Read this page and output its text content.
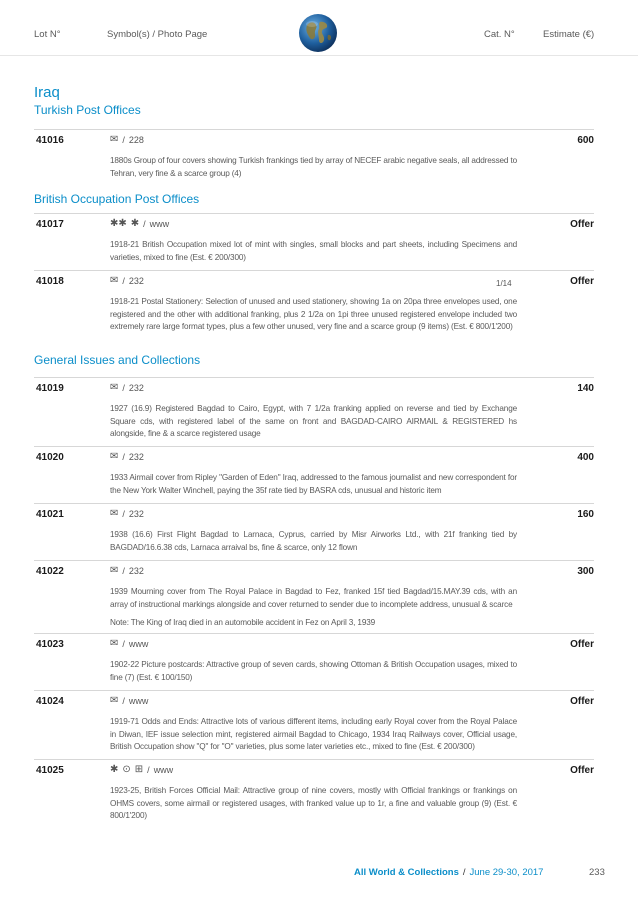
Lot N°	Symbol(s) / Photo Page	Cat. N°	Estimate (€)
Iraq
Turkish Post Offices
41016	✉ / 228	600
1880s Group of four covers showing Turkish frankings tied by array of NECEF arabic negative seals, all addressed to Tehran, very fine & a scarce group (4)
British Occupation Post Offices
41017	✱✱ ✱ / www	Offer
1918-21 British Occupation mixed lot of mint with singles, small blocks and part sheets, including Specimens and varieties, mixed to fine (Est. € 200/300)
41018	✉ / 232	1/14	Offer
1918-21 Postal Stationery: Selection of unused and used stationery, showing 1a on 20pa three envelopes used, one registered and the other with additional franking, plus 2 1/2a on 1pi three unused registered envelope included two extremely rare large format types, plus a few other unused, very fine and a scarce group (9 items) (Est. € 800/1'200)
General Issues and Collections
41019	✉ / 232	140
1927 (16.9) Registered Bagdad to Cairo, Egypt, with 7 1/2a franking applied on reverse and tied by Exchange Square cds, with registered label of the same on front and BAGDAD-CAIRO AIRMAIL & REGISTERED hs alongside, fine & a scarce registered usage
41020	✉ / 232	400
1933 Airmail cover from Ripley "Garden of Eden" Iraq, addressed to the famous journalist and new correspondent for the New York Walter Winchell, paying the 35f rate tied by BASRA cds, unusual and historic item
41021	✉ / 232	160
1938 (16.6) First Flight Bagdad to Larnaca, Cyprus, carried by Misr Airworks Ltd., with 21f franking tied by BAGDAD/16.6.38 cds, Larnaca arraival bs, fine & scarce, only 12 flown
41022	✉ / 232	300
1939 Mourning cover from The Royal Palace in Bagdad to Fez, franked 15f tied Bagdad/15.MAY.39 cds, with an array of instructional markings alongside and cover returned to sender due to incomplete address, unusual & scarce
Note: The King of Iraq died in an automobile accident in Fez on April 3, 1939
41023	✉ / www	Offer
1902-22 Picture postcards: Attractive group of seven cards, showing Ottoman & British Occupation usages, mixed to fine (7) (Est. € 100/150)
41024	✉ / www	Offer
1919-71 Odds and Ends: Attractive lots of various different items, including early Royal cover from the Royal Palace in Diwan, IEF issue selection mint, registered airmail Bagdad to Chicago, 1934 Iraq Railways cover, Official usage, British Occupation show "Q" for "O" varieties, plus some later varieties etc., mixed to fine (Est. € 200/300)
41025	✱ ⊙ ⊞ / www	Offer
1923-25, British Forces Official Mail: Attractive group of nine covers, mostly with Official frankings or frankings on OHMS covers, some airmail or registered usages, with franked value up to 1r, a fine and valuable group (9) (Est. € 800/1'200)
All World & Collections / June 29-30, 2017	233
